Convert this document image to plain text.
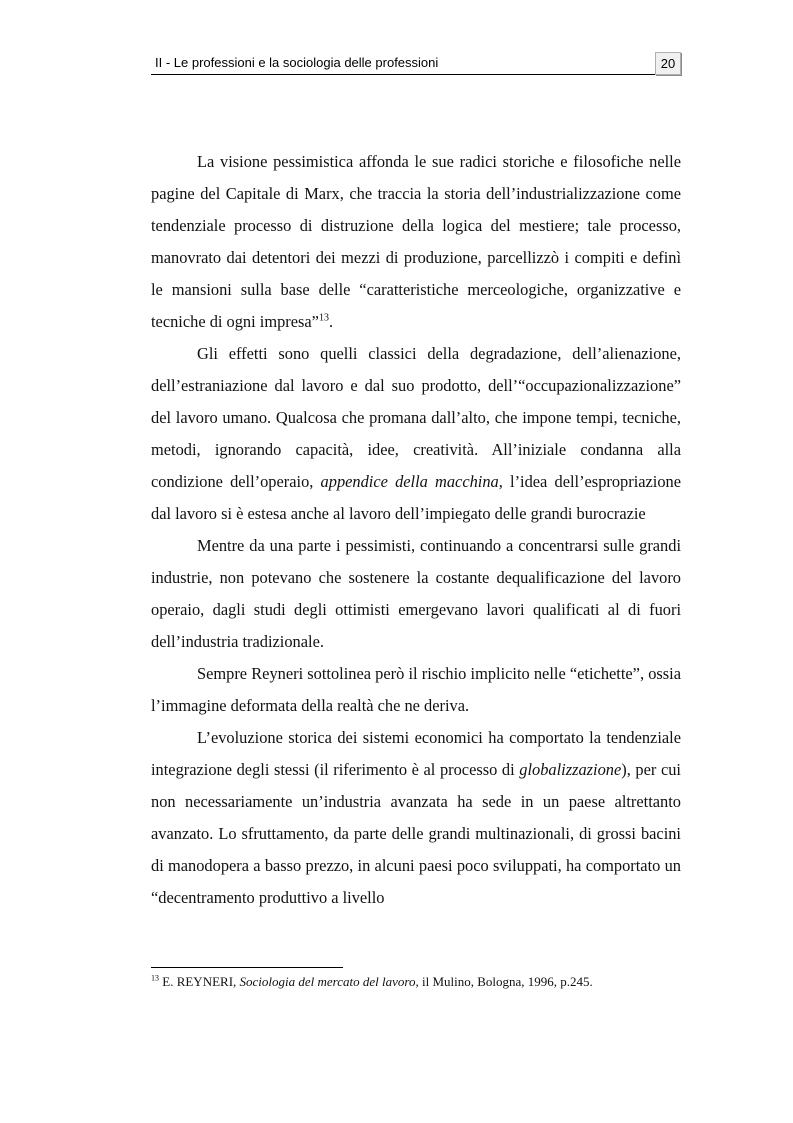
II - Le professioni e la sociologia delle professioni	20

La visione pessimistica affonda le sue radici storiche e filosofiche nelle pagine del Capitale di Marx, che traccia la storia dell’industrializzazione come tendenziale processo di distruzione della logica del mestiere; tale processo, manovrato dai detentori dei mezzi di produzione, parcellizzò i compiti e definì le mansioni sulla base delle “caratteristiche merceologiche, organizzative e tecniche di ogni impresa”$^{13}$.

Gli effetti sono quelli classici della degradazione, dell’alienazione, dell’estraniazione dal lavoro e dal suo prodotto, dell’“occupazionalizzazione” del lavoro umano. Qualcosa che promana dall’alto, che impone tempi, tecniche, metodi, ignorando capacità, idee, creatività. All’iniziale condanna alla condizione dell’operaio, appendice della macchina, l’idea dell’espropriazione dal lavoro si è estesa anche al lavoro dell’impiegato delle grandi burocrazie

Mentre da una parte i pessimisti, continuando a concentrarsi sulle grandi industrie, non potevano che sostenere la costante dequalificazione del lavoro operaio, dagli studi degli ottimisti emergevano lavori qualificati al di fuori dell’industria tradizionale.

Sempre Reyneri sottolinea però il rischio implicito nelle “etichette”, ossia l’immagine deformata della realtà che ne deriva.

L’evoluzione storica dei sistemi economici ha comportato la tendenziale integrazione degli stessi (il riferimento è al processo di globalizzazione), per cui non necessariamente un’industria avanzata ha sede in un paese altrettanto avanzato. Lo sfruttamento, da parte delle grandi multinazionali, di grossi bacini di manodopera a basso prezzo, in alcuni paesi poco sviluppati, ha comportato un “decentramento produttivo a livello

$^{13}$ E. REYNERI, Sociologia del mercato del lavoro, il Mulino, Bologna, 1996, p.245.
